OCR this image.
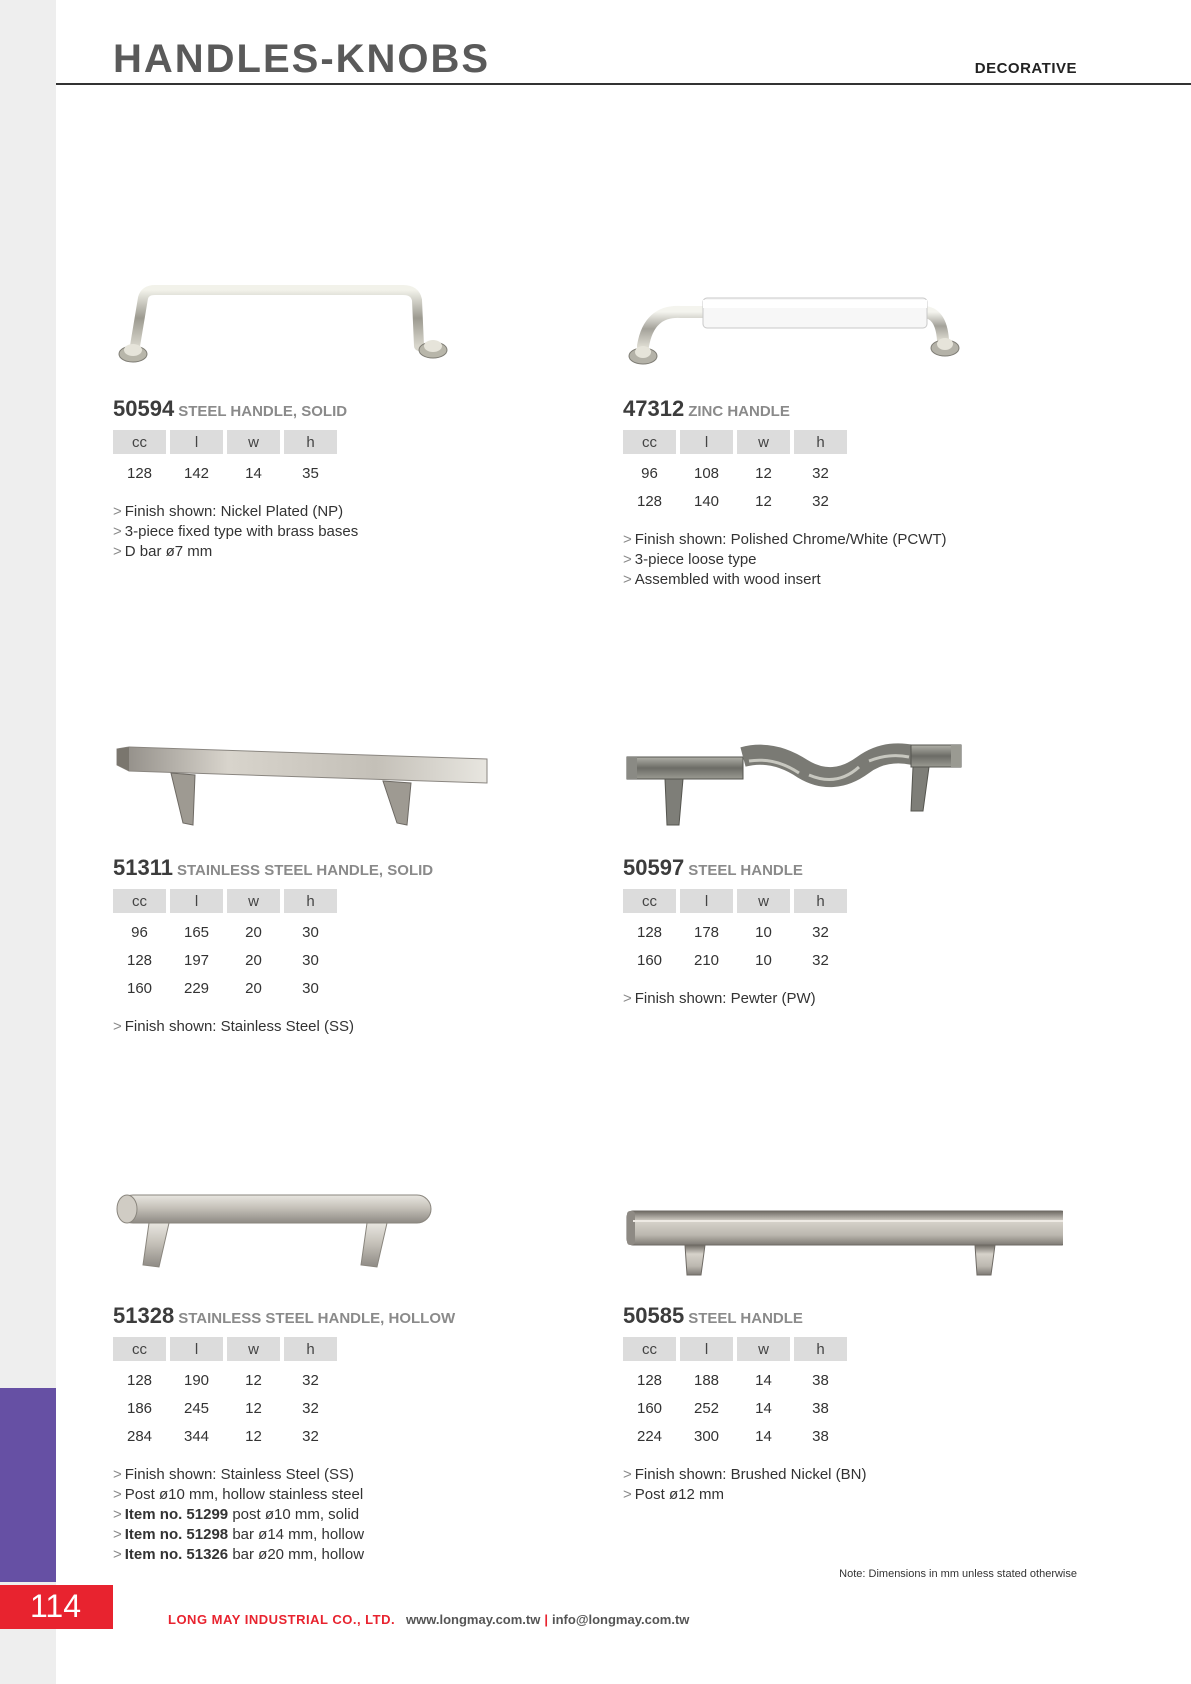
114
HANDLES-KNOBS	DECORATIVE
50594 STEEL HANDLE, SOLID
cc	l	w	h
128	142	14	35
> Finish shown: Nickel Plated (NP)
> 3-piece fixed type with brass bases
> D bar ø7 mm
47312 ZINC HANDLE
cc	l	w	h
96	108	12	32
128	140	12	32
> Finish shown: Polished Chrome/White (PCWT)
> 3-piece loose type
> Assembled with wood insert
51311 STAINLESS STEEL HANDLE, SOLID
cc	l	w	h
96	165	20	30
128	197	20	30
160	229	20	30
> Finish shown: Stainless Steel (SS)
50597 STEEL HANDLE
cc	l	w	h
128	178	10	32
160	210	10	32
> Finish shown: Pewter (PW)
51328 STAINLESS STEEL HANDLE, HOLLOW
cc	l	w	h
128	190	12	32
186	245	12	32
284	344	12	32
> Finish shown: Stainless Steel (SS)
> Post ø10 mm, hollow stainless steel
> Item no. 51299 post ø10 mm, solid
> Item no. 51298 bar ø14 mm, hollow
> Item no. 51326 bar ø20 mm, hollow
50585 STEEL HANDLE
cc	l	w	h
128	188	14	38
160	252	14	38
224	300	14	38
> Finish shown: Brushed Nickel (BN)
> Post ø12 mm
Note: Dimensions in mm unless stated otherwise
LONG MAY INDUSTRIAL CO., LTD. www.longmay.com.tw | info@longmay.com.tw
